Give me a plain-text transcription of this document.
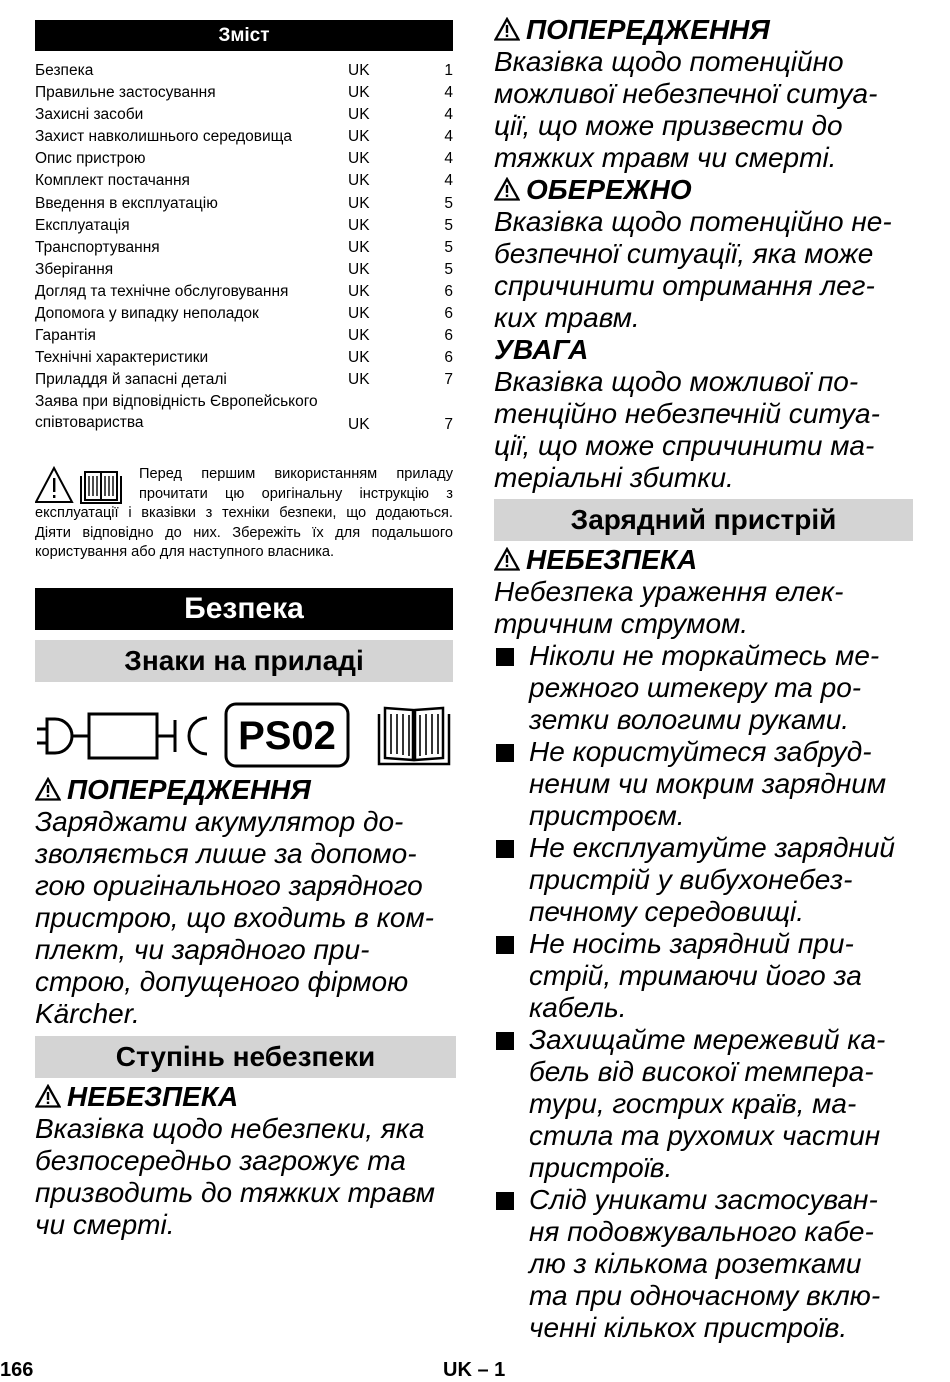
Зміст
Безпека	UK	1
Правильне застосування	UK	4
Захисні засоби	UK	4
Захист навколишнього середовища	UK	4
Опис пристрою	UK	4
Комплект постачання	UK	4
Введення в експлуатацію	UK	5
Експлуатація	UK	5
Транспортування	UK	5
Зберігання	UK	5
Догляд та технічне обслуговування	UK	6
Допомога у випадку неполадок	UK	6
Гарантія	UK	6
Технічні характеристики	UK	6
Приладдя й запасні деталі	UK	7
Заява при відповідність Європейського співтовариства	UK	7
Перед першим використанням приладу прочитати цю оригінальну інструкцію з експлуатації і вказівки з техніки безпеки, що додаються. Діяти відповідно до них. Збережіть їх для подальшого користування або для наступного власника.
Безпека
Знаки на приладі
PS02
ПОПЕРЕДЖЕННЯ
Заряджати акумулятор до-
зволяється лише за допомо-
гою оригінального зарядного
пристрою, що входить в ком-
плект, чи зарядного при-
строю, допущеного фірмою
Kärcher.
Ступінь небезпеки
НЕБЕЗПЕКА
Вказівка щодо небезпеки, яка
безпосередньо загрожує та
призводить до тяжких травм
чи смерті.
ПОПЕРЕДЖЕННЯ
Вказівка щодо потенційно
можливої небезпечної ситуа-
ції, що може призвести до
тяжких травм чи смерті.
ОБЕРЕЖНО
Вказівка щодо потенційно не-
безпечної ситуації, яка може
спричинити отримання лег-
ких травм.
УВАГА
Вказівка щодо можливої по-
тенційно небезпечній ситуа-
ції, що може спричинити ма-
теріальні збитки.
Зарядний пристрій
НЕБЕЗПЕКА
Небезпека ураження елек-
тричним струмом.
Ніколи не торкайтесь ме-
режного штекеру та ро-
зетки вологими руками.
Не користуйтеся забруд-
неним чи мокрим зарядним
пристроєм.
Не експлуатуйте зарядний
пристрій у вибухонебез-
печному середовищі.
Не носіть зарядний при-
стрій, тримаючи його за
кабель.
Захищайте мережевий ка-
бель від високої темпера-
тури, гострих країв, ма-
стила та рухомих частин
пристроїв.
Слід уникати застосуван-
ня подовжувального кабе-
лю з кількома розетками
та при одночасному вклю-
ченні кількох пристроїв.
166	UK – 1
